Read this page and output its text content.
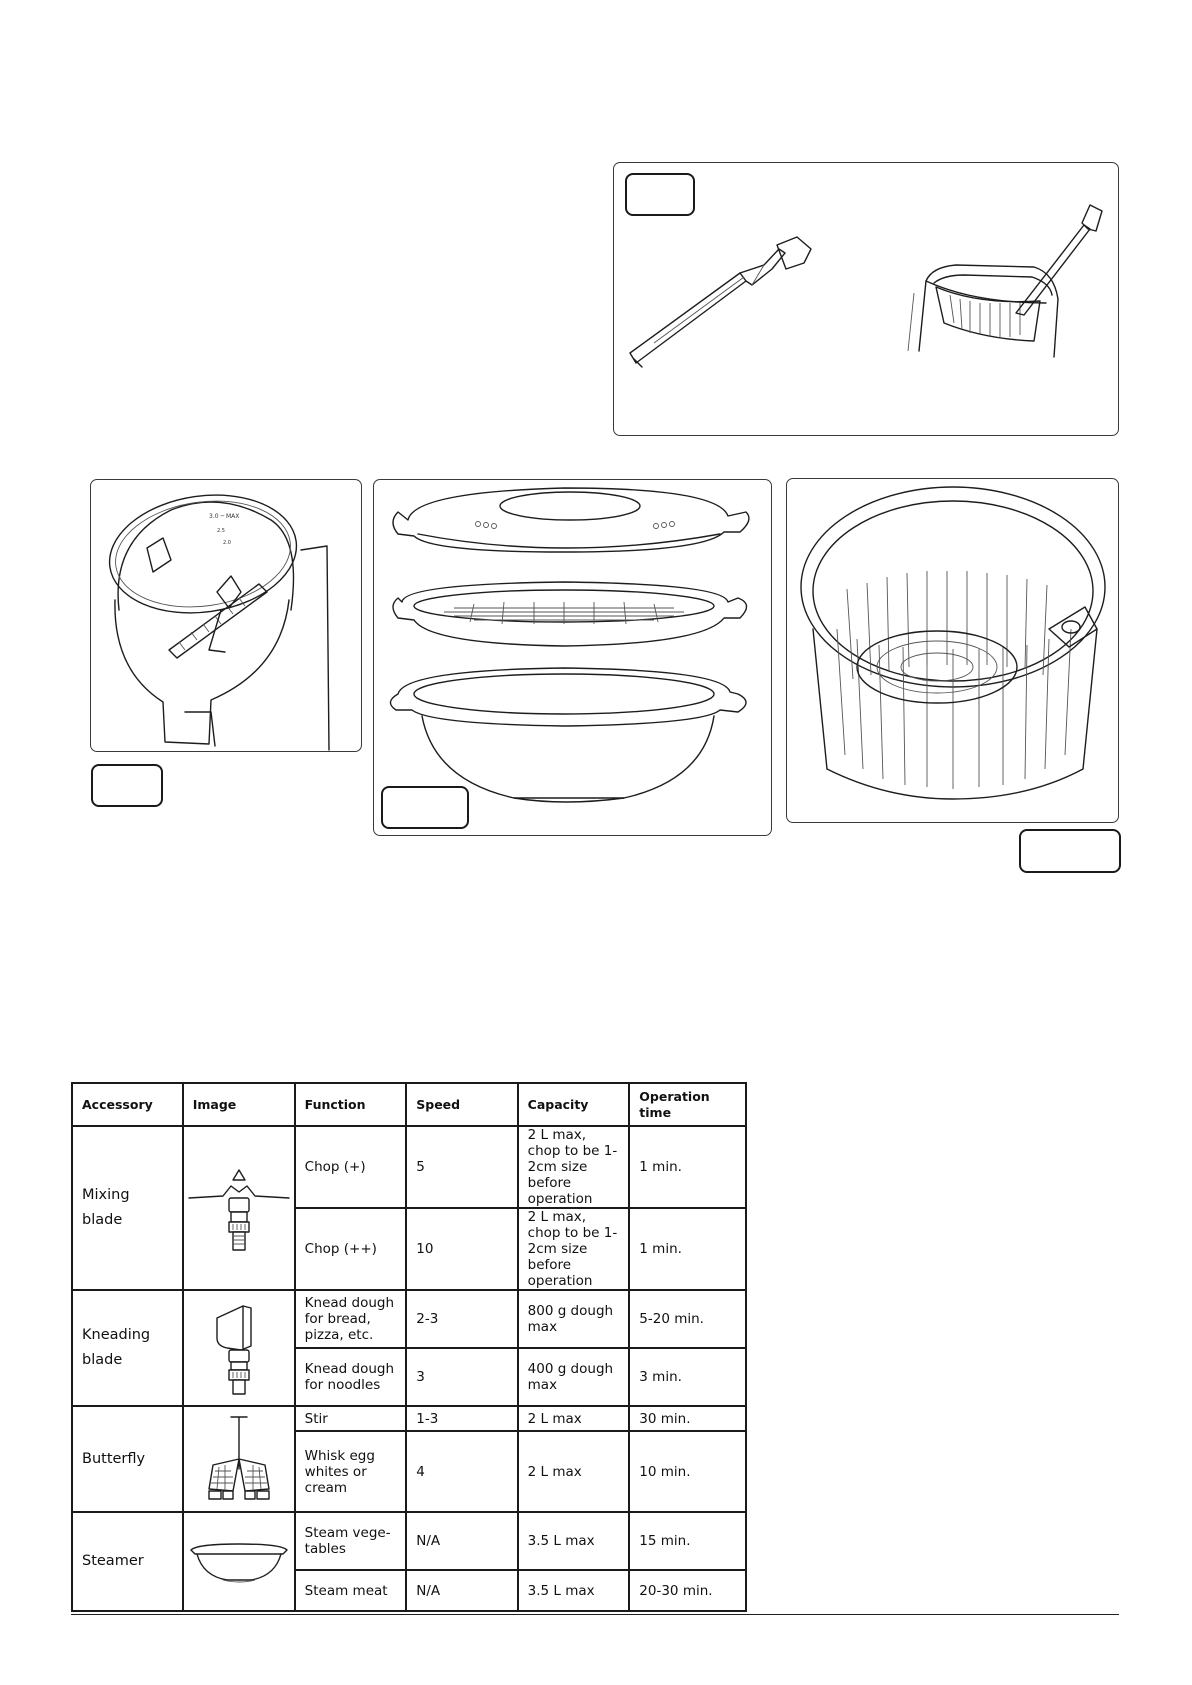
3.0 ─ MAX
2.5
2.0
Accessory	Image	Function	Speed	Capacity	Operation time
Mixing blade		Chop (+)	5	2 L max, chop to be 1-2cm size before operation	1 min.
		Chop (++)	10	2 L max, chop to be 1-2cm size before operation	1 min.
Kneading blade		Knead dough for bread, pizza, etc.	2-3	800 g dough max	5-20 min.
		Knead dough for noodles	3	400 g dough max	3 min.
Butterfly		Stir	1-3	2 L max	30 min.
		Whisk egg whites or cream	4	2 L max	10 min.
Steamer		Steam vege-tables	N/A	3.5 L max	15 min.
		Steam meat	N/A	3.5 L max	20-30 min.
